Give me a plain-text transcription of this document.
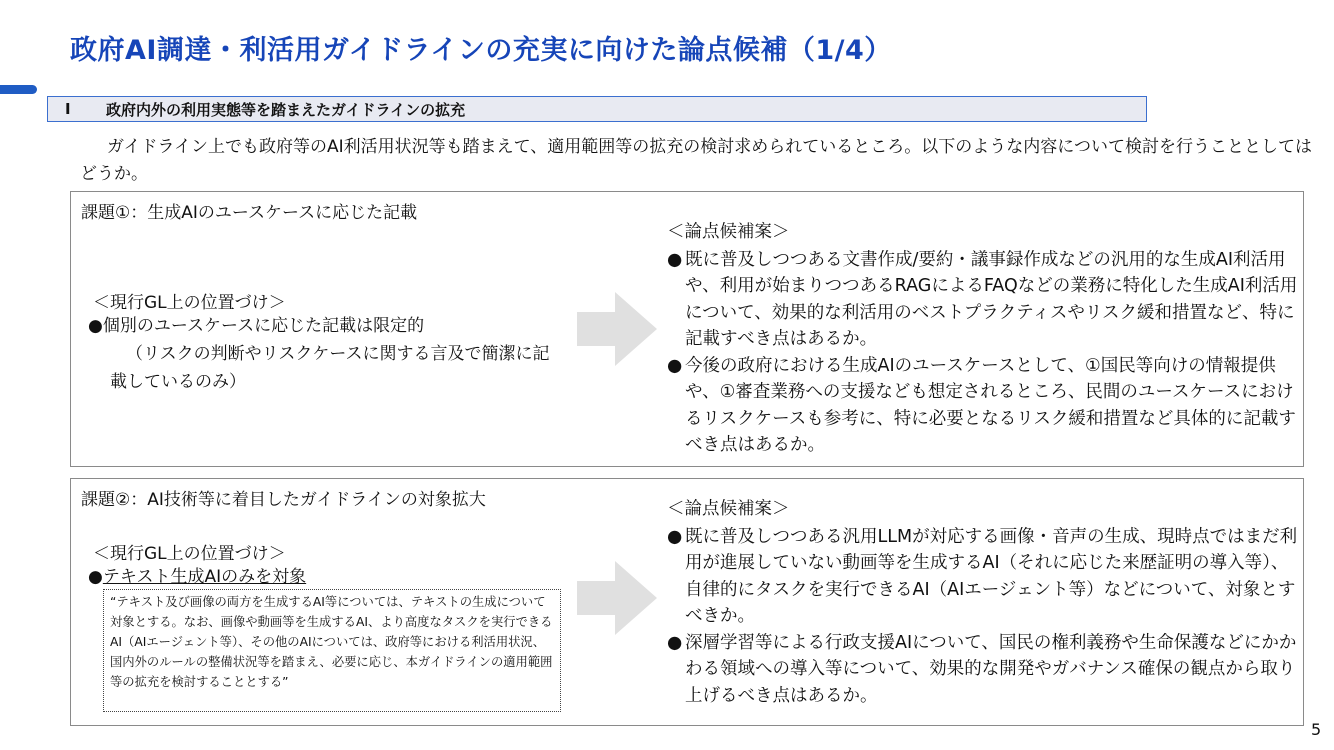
政府AI調達・利活用ガイドラインの充実に向けた論点候補（1/4）
Ⅰ	政府内外の利用実態等を踏まえたガイドラインの拡充

ガイドライン上でも政府等のAI利活用状況等も踏まえて、適用範囲等の拡充の検討求められているところ。以下のような内容について検討を行うこととしてはどうか。

課題①：生成AIのユースケースに応じた記載
＜現行GL上の位置づけ＞
● 個別のユースケースに応じた記載は限定的
（リスクの判断やリスクケースに関する言及で簡潔に記載しているのみ）
＜論点候補案＞
● 既に普及しつつある文書作成/要約・議事録作成などの汎用的な生成AI利活用や、利用が始まりつつあるRAGによるFAQなどの業務に特化した生成AI利活用について、効果的な利活用のベストプラクティスやリスク緩和措置など、特に記載すべき点はあるか。
● 今後の政府における生成AIのユースケースとして、①国民等向けの情報提供や、①審査業務への支援なども想定されるところ、民間のユースケースにおけるリスクケースも参考に、特に必要となるリスク緩和措置など具体的に記載すべき点はあるか。
課題②：AI技術等に着目したガイドラインの対象拡大
＜現行GL上の位置づけ＞
● テキスト生成AIのみを対象
“テキスト及び画像の両方を生成するAI等については、テキストの生成について対象とする。なお、画像や動画等を生成するAI、より高度なタスクを実行できるAI（AIエージェント等）、その他のAIについては、政府等における利活用状況、国内外のルールの整備状況等を踏まえ、必要に応じ、本ガイドラインの適用範囲等の拡充を検討することとする”
＜論点候補案＞
● 既に普及しつつある汎用LLMが対応する画像・音声の生成、現時点ではまだ利用が進展していない動画等を生成するAI（それに応じた来歴証明の導入等）、自律的にタスクを実行できるAI（AIエージェント等）などについて、対象とすべきか。
● 深層学習等による行政支援AIについて、国民の権利義務や生命保護などにかかわる領域への導入等について、効果的な開発やガバナンス確保の観点から取り上げるべき点はあるか。
5
